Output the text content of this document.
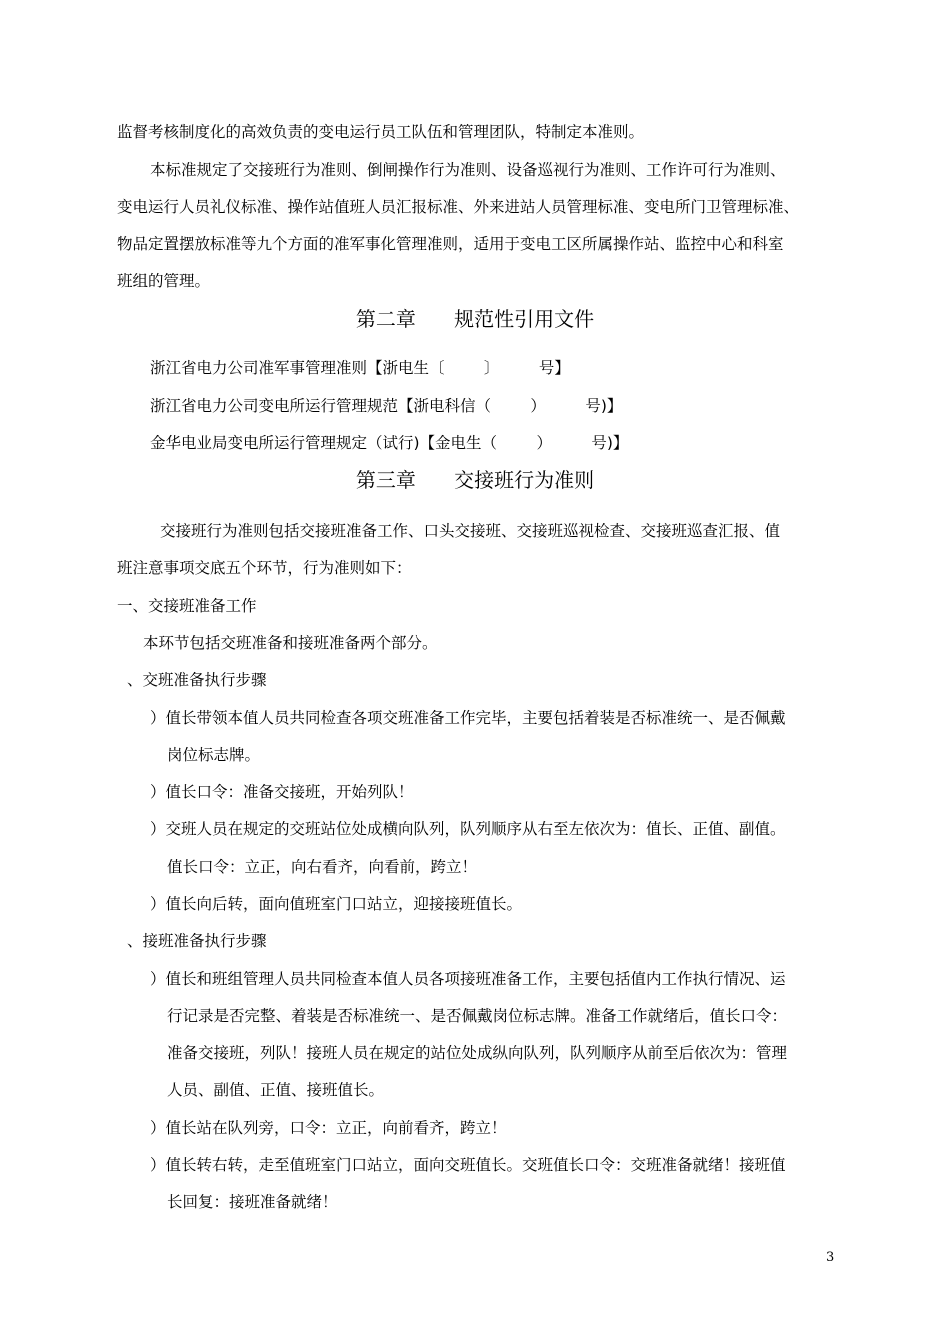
监督考核制度化的高效负责的变电运行员工队伍和管理团队，特制定本准则。
本标准规定了交接班行为准则、倒闸操作行为准则、设备巡视行为准则、工作许可行为准则、
变电运行人员礼仪标准、操作站值班人员汇报标准、外来进站人员管理标准、变电所门卫管理标准、
物品定置摆放标准等九个方面的准军事化管理准则，适用于变电工区所属操作站、监控中心和科室
班组的管理。
第二章      规范性引用文件
浙江省电力公司准军事管理准则【浙电生〔        〕        号】
浙江省电力公司变电所运行管理规范【浙电科信（        ）        号)】
金华电业局变电所运行管理规定（试行)【金电生（        ）        号)】
第三章      交接班行为准则
交接班行为准则包括交接班准备工作、口头交接班、交接班巡视检查、交接班巡查汇报、值
班注意事项交底五个环节，行为准则如下：
一、交接班准备工作
本环节包括交班准备和接班准备两个部分。
、交班准备执行步骤
）值长带领本值人员共同检查各项交班准备工作完毕，主要包括着装是否标准统一、是否佩戴
岗位标志牌。
）值长口令：准备交接班，开始列队！
）交班人员在规定的交班站位处成横向队列，队列顺序从右至左依次为：值长、正值、副值。
值长口令：立正，向右看齐，向看前，跨立！
）值长向后转，面向值班室门口站立，迎接接班值长。
、接班准备执行步骤
）值长和班组管理人员共同检查本值人员各项接班准备工作，主要包括值内工作执行情况、运
行记录是否完整、着装是否标准统一、是否佩戴岗位标志牌。准备工作就绪后，值长口令：
准备交接班，列队！接班人员在规定的站位处成纵向队列，队列顺序从前至后依次为：管理
人员、副值、正值、接班值长。
）值长站在队列旁，口令：立正，向前看齐，跨立！
）值长转右转，走至值班室门口站立，面向交班值长。交班值长口令：交班准备就绪！接班值
长回复：接班准备就绪！
3
